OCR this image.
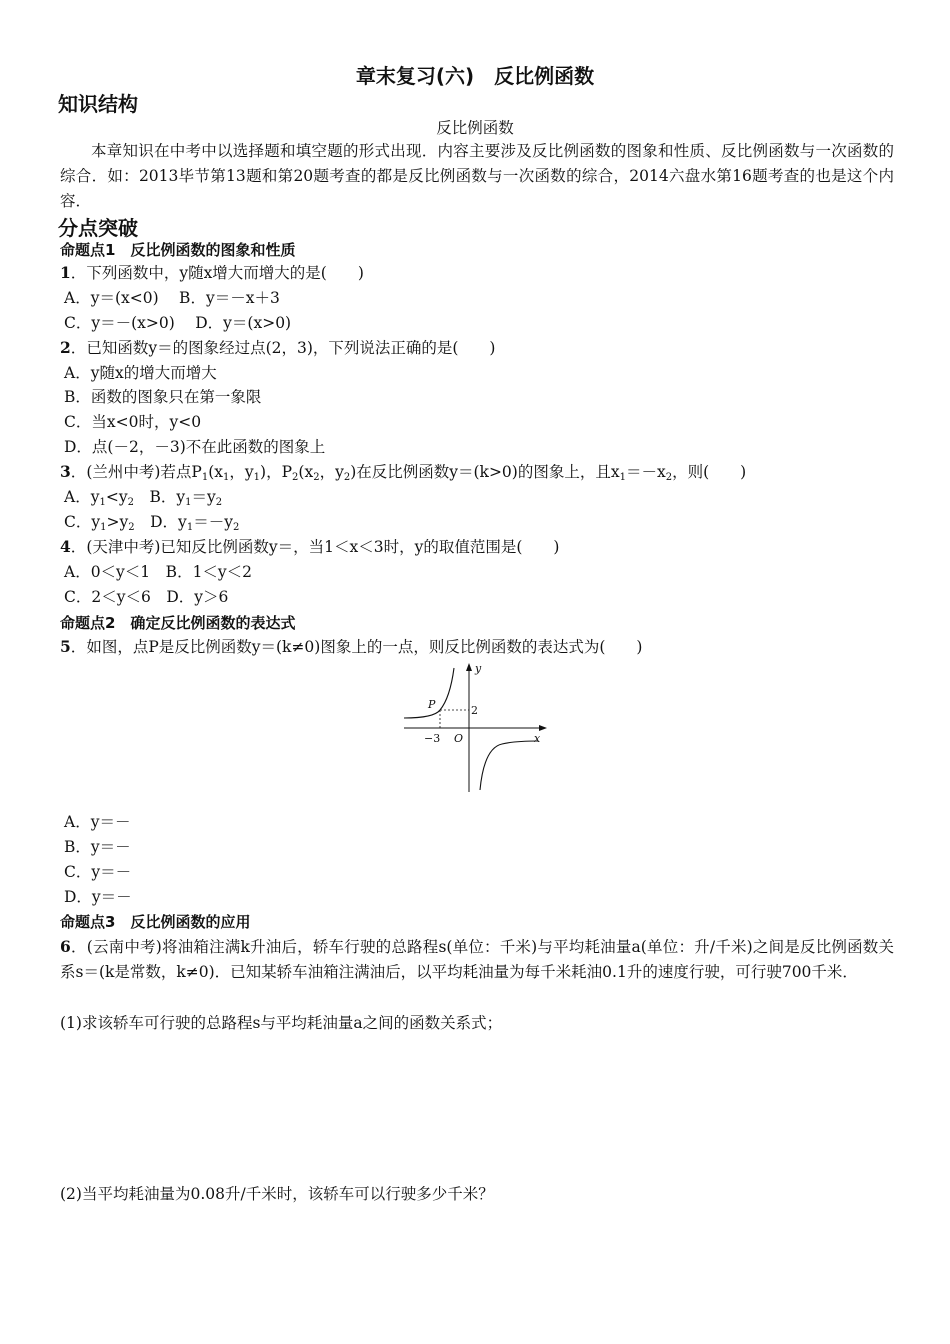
章末复习(六)　反比例函数
知识结构
反比例函数
本章知识在中考中以选择题和填空题的形式出现．内容主要涉及反比例函数的图象和性质、反比例函数与一次函数的综合．如：2013毕节第13题和第20题考查的都是反比例函数与一次函数的综合，2014六盘水第16题考查的也是这个内容．
分点突破
命题点1　反比例函数的图象和性质
1．下列函数中，y随x增大而增大的是(　　)
A．y＝(x<0)　 B．y＝－x＋3
C．y＝－(x>0)　 D．y＝(x>0)
2．已知函数y＝的图象经过点(2，3)，下列说法正确的是(　　)
A．y随x的增大而增大
B．函数的图象只在第一象限
C．当x<0时，y<0
D．点(－2，－3)不在此函数的图象上
3．(兰州中考)若点$P_1(x_1$，$y_1$)，$P_2(x_2$，$y_2$)在反比例函数y＝(k>0)的图象上，且$x_1=-x_2$，则(　　)
A．$y_1<y_2$　B．$y_1=y_2$
C．$y_1>y_2$　D．$y_1=-y_2$
4．(天津中考)已知反比例函数y＝，当1＜x＜3时，y的取值范围是(　　)
A．0＜y＜1　B．1＜y＜2
C．2＜y＜6　D．y＞6
命题点2　确定反比例函数的表达式
5．如图，点P是反比例函数y＝(k≠0)图象上的一点，则反比例函数的表达式为(　　)
y
x
O
P	2
−3
A．y＝－
B．y＝－
C．y＝－
D．y＝－
命题点3　反比例函数的应用
6．(云南中考)将油箱注满k升油后，轿车行驶的总路程s(单位：千米)与平均耗油量a(单位：升/千米)之间是反比例函数关系s＝(k是常数，k≠0)．已知某轿车油箱注满油后，以平均耗油量为每千米耗油0.1升的速度行驶，可行驶700千米．
(1)求该轿车可行驶的总路程s与平均耗油量a之间的函数关系式；
(2)当平均耗油量为0.08升/千米时，该轿车可以行驶多少千米？
